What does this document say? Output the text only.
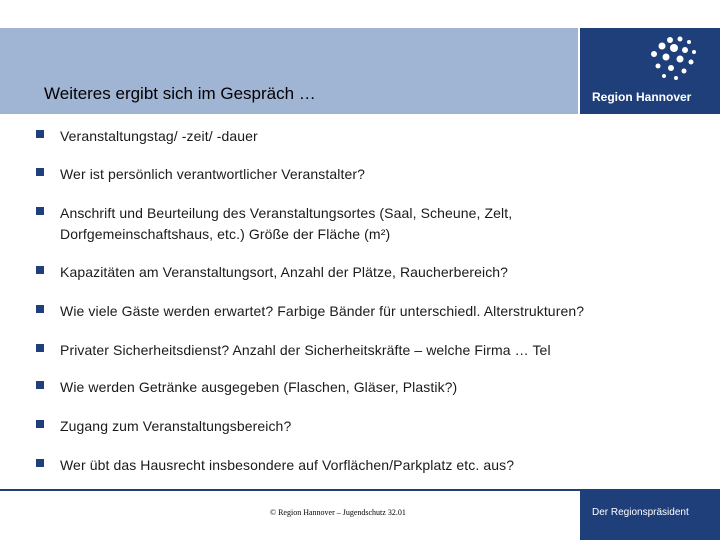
Weiteres ergibt sich im Gespräch …	Region Hannover
Veranstaltungstag/ -zeit/ -dauer
Wer ist persönlich verantwortlicher Veranstalter?
Anschrift und Beurteilung des Veranstaltungsortes (Saal, Scheune, Zelt, Dorfgemeinschaftshaus, etc.) Größe der Fläche (m²)
Kapazitäten am Veranstaltungsort, Anzahl der Plätze, Raucherbereich?
Wie viele Gäste werden erwartet? Farbige Bänder für unterschiedl. Alterstrukturen?
Privater Sicherheitsdienst? Anzahl der Sicherheitskräfte – welche Firma … Tel
Wie werden Getränke ausgegeben (Flaschen, Gläser, Plastik?)
Zugang zum Veranstaltungsbereich?
Wer übt das Hausrecht insbesondere auf Vorflächen/Parkplatz etc. aus?
© Region Hannover – Jugendschutz 32.01	Der Regionspräsident
